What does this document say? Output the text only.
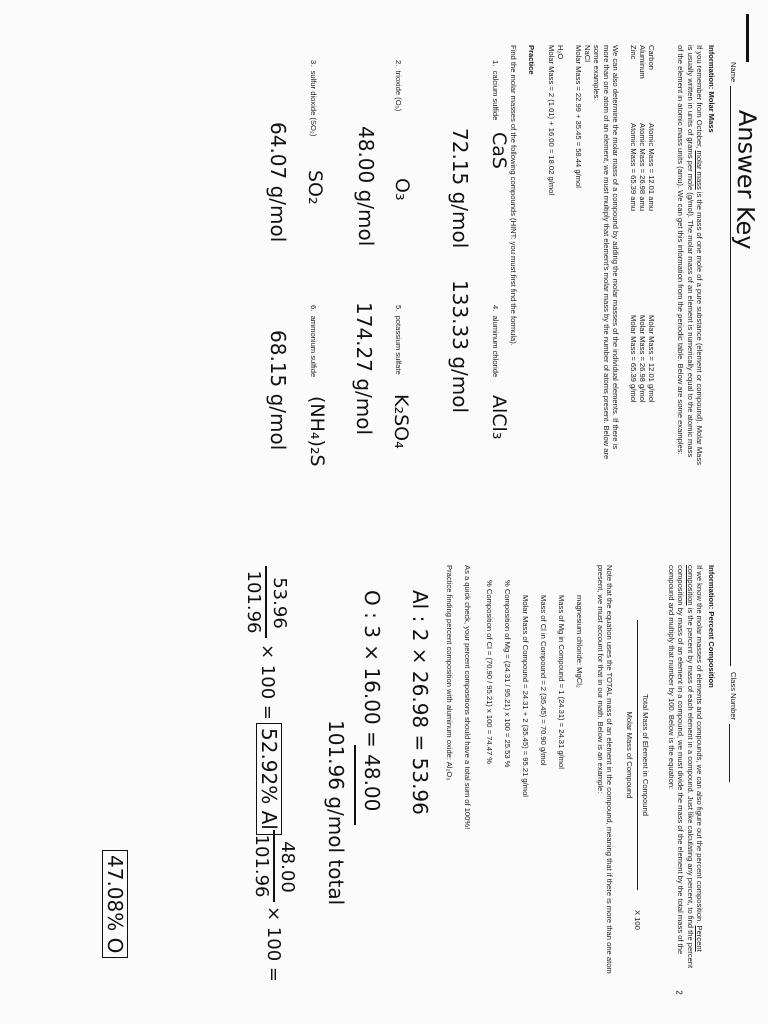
2
Name
Answer Key
Class Number
Information: Molar Mass
If you remember from October, molar mass is the mass of one mole of a pure substance (element or compound). Molar Mass is usually written in units of grams per mole (g/mol). The molar mass of an element is numerically equal to the atomic mass of the element in atomic mass units (amu). We can get this information from the periodic table. Below are some examples:
Carbon
Atomic Mass = 12.01 amu
Molar Mass = 12.01 g/mol
Aluminum
Atomic Mass = 26.98 amu
Molar Mass = 26.98 g/mol
Zinc
Atomic Mass = 65.39 amu
Molar Mass = 65.39 g/mol
We can also determine the molar mass of a compound by adding the molar masses of the individual elements. If there is more than one atom of an element, we must multiply that element's molar mass by the number of atoms present. Below are some examples:
NaCl
Molar Mass = 22.99 + 35.45 = 58.44 g/mol
H₂O
Molar Mass = 2 (1.01) + 16.00 = 18.02 g/mol
Practice
Find the molar masses of the following compounds (HINT: you must first find the formula).
1.  calcium sulfide
CaS
72.15 g/mol
2.  trioxide (O₃)
O₃
48.00 g/mol
3.  sulfur dioxide (SO₂)
SO₂
64.07 g/mol
4.  aluminum chloride
AlCl₃
133.33 g/mol
5.  potassium sulfate
K₂SO₄
174.27 g/mol
6.  ammonium sulfide
(NH₄)₂S
68.15 g/mol
Information: Percent Composition
If we know the molar masses of elements and compounds, we can also figure out the percent composition. Percent composition is the percent by mass of each element in a compound. Just like calculating any percent, to find the percent composition by mass of an element in a compound, we must divide the mass of the element by the total mass of the compound and multiply that number by 100. Below is the equation:
Total Mass of Element in Compound
Molar Mass of Compound
X 100
Note that the equation uses the TOTAL mass of an element in the compound, meaning that if there is more than one atom present, we must account for that in our math. Below is an example:
magnesium chloride: MgCl₂
Mass of Mg in Compound = 1 (24.31) = 24.31 g/mol
Mass of Cl in Compound = 2 (35.45) = 70.90 g/mol
Molar Mass of Compound = 24.31 + 2 (35.45) = 95.21 g/mol
% Composition of Mg = (24.31 / 95.21) x 100 = 25.53 %
% Composition of Cl = (70.90 / 95.21) x 100 = 74.47 %
As a quick check, your percent compositions should have a total sum of 100%!
Practice finding percent composition with aluminum oxide: Al₂O₃
Al : 2 × 26.98 = 53.96
O : 3 × 16.00 = 48.00
101.96 g/mol total
53.96
101.96
× 100 =
52.92% Al
48.00
101.96
× 100 =
47.08% O
